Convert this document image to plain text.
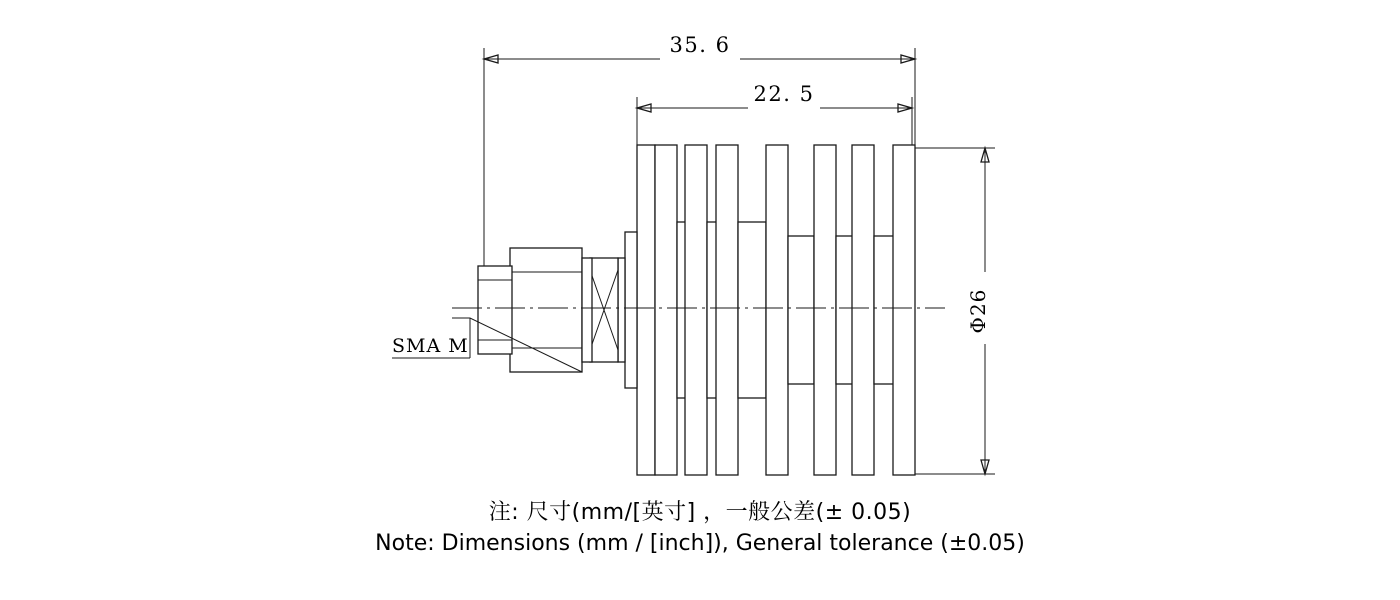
35. 6
22. 5
SMA M
Φ26
注: 尺寸(mm/[英寸] ，一般公差(± 0.05)
Note: Dimensions (mm / [inch]), General tolerance (±0.05)
